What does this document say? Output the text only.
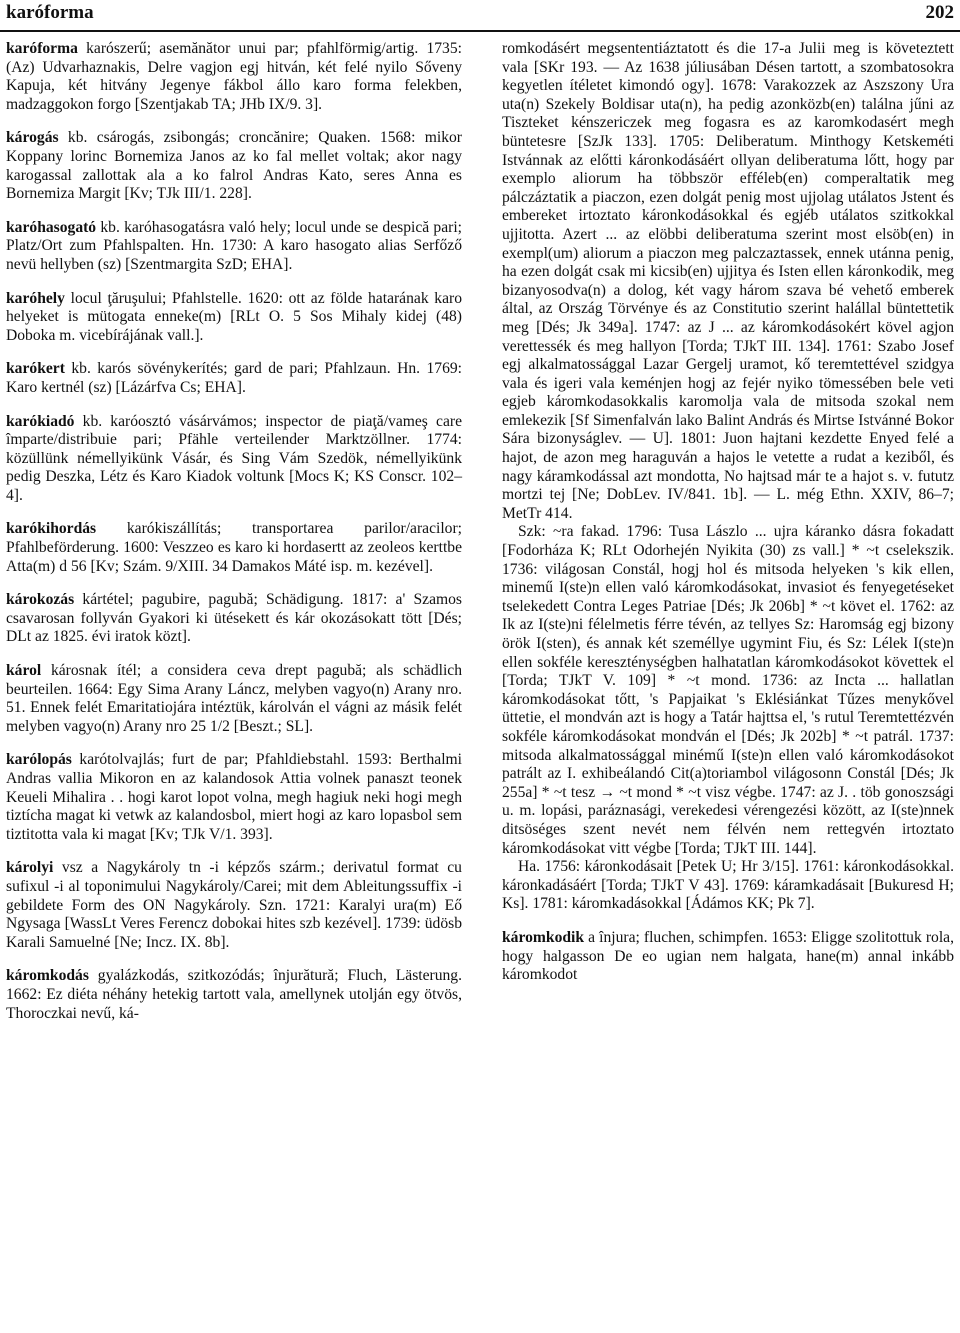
karóforma	202

karóforma karószerű; asemănător unui par; pfahlförmig/artig. 1735: (Az) Udvarhaznakis, Delre vagjon egj hitván, két felé nyilo Sőveny Kapuja, két hitvány Jegenye fákbol állo karo forma felekben, madzaggokon forgo [Szentjakab TA; JHb IX/9. 3].

károgás kb. csárogás, zsibongás; croncănire; Quaken. 1568: mikor Koppany lorinc Bornemiza Janos az ko fal mellet voltak; akor nagy karogassal zallottak ala a ko falrol Andras Kato, seres Anna es Bornemiza Margit [Kv; TJk III/1. 228].

karóhasogató kb. karóhasogatásra való hely; locul unde se despică pari; Platz/Ort zum Pfahlspalten. Hn. 1730: A karo hasogato alias Serfőző nevü hellyben (sz) [Szentmargita SzD; EHA].

karóhely locul ţăruşului; Pfahlstelle. 1620: ott az földe hatarának karo helyeket is mütogata enneke(m) [RLt O. 5 Sos Mihaly kidej (48) Doboka m. vicebírájának vall.].

karókert kb. karós sövénykerítés; gard de pari; Pfahlzaun. Hn. 1769: Karo kertnél (sz) [Lázárfva Cs; EHA].

karókiadó kb. karóosztó vásárvámos; inspector de piaţă/vameş care împarte/distribuie pari; Pfähle verteilender Marktzöllner. 1774: közüllünk némellyikünk Vásár, és Sing Vám Szedök, némellyikünk pedig Deszka, Létz és Karo Kiadok voltunk [Mocs K; KS Conscr. 102–4].

karókihordás karókiszállítás; transportarea parilor/aracilor; Pfahlbeförderung. 1600: Veszzeo es karo ki hordasertt az zeoleos kerttbe Atta(m) d 56 [Kv; Szám. 9/XIII. 34 Damakos Máté isp. m. kezével].

károkozás kártétel; pagubire, pagubă; Schädigung. 1817: a' Szamos csavarosan follyván Gyakori ki ütésekett és kár okozásokatt tött [Dés; DLt az 1825. évi iratok közt].

károl károsnak ítél; a considera ceva drept pagubă; als schädlich beurteilen. 1664: Egy Sima Arany Láncz, melyben vagyo(n) Arany nro. 51. Ennek felét Emaritatiojára intéztük, károlván el vágni az másik felét melyben vagyo(n) Arany nro 25 1/2 [Beszt.; SL].

karólopás karótolvajlás; furt de par; Pfahldiebstahl. 1593: Berthalmi Andras vallia Mikoron en az kalandosok Attia volnek panaszt teonek Keueli Mihalira . . hogi karot lopot volna, megh hagiuk neki hogi megh tiztícha magat ki vetwk az kalandosbol, miert hogi az karo lopasbol sem tiztitotta vala ki magat [Kv; TJk V/1. 393].

károlyi vsz a Nagykároly tn -i képzős szárm.; derivatul format cu sufixul -i al toponimului Nagykároly/Carei; mit dem Ableitungssuffix -i gebildete Form des ON Nagykároly. Szn. 1721: Karalyi ura(m) Eő Ngysaga [WassLt Veres Ferencz dobokai hites szb kezével]. 1739: üdösb Karali Samuelné [Ne; Incz. IX. 8b].

káromkodás gyalázkodás, szitkozódás; înjurătură; Fluch, Lästerung. 1662: Ez diéta néhány hetekig tartott vala, amellynek utolján egy ötvös, Thoroczkai nevű, ká-

romkodásért megsententiáztatott és die 17-a Julii meg is követeztett vala [SKr 193. — Az 1638 júliusában Désen tartott, a szombatosokra kegyetlen ítéletet kimondó ogy]. 1678: Varakozzek az Aszszony Ura uta(n) Szekely Boldisar uta(n), ha pedig azonközb(en) találna jűni az Tiszteket kénszericzek meg fogasra es az karomkodasért megh büntetesre [SzJk 133]. 1705: Deliberatum. Minthogy Ketskeméti Istvánnak az előtti káronkodásáért ollyan deliberatuma lőtt, hogy par exemplo aliorum ha többször efféleb(en) comperaltatik meg pálczáztatik a piaczon, ezen dolgát penig most ujjolag utálatos Jstent és embereket irtoztato káronkodásokkal és egjéb utálatos szitkokkal ujjitotta. Azert ... az elöbbi deliberatuma szerint most elsöb(en) in exempl(um) aliorum a piaczon meg palczaztassek, ennek utánna penig, ha ezen dolgát csak mi kicsib(en) ujjitya és Isten ellen káronkodik, meg bizanyosodva(n) a dolog, két vagy három szava bé vehető emberek által, az Ország Törvénye és az Constitutio szerint halállal büntettetik meg [Dés; Jk 349a]. 1747: az J ... az káromkodásokért kövel agjon verettessék és meg hallyon [Torda; TJkT III. 134]. 1761: Szabo Josef egj alkalmatossággal Lazar Gergelj uramot, kő teremtettével szidgya vala és igeri vala keménjen hogj az fejér nyiko tömessében bele veti egjeb káromkodasokkalis karomolja vala de mitsoda szokal nem emlekezik [Sf Simenfalván lako Balint András és Mirtse Istvánné Bokor Sára bizonyságlev. — U]. 1801: Juon hajtani kezdette Enyed felé a hajot, de azon meg haraguván a hajos le vetette a rudat a keziből, és nagy káramkodással azt mondotta, No hajtsad már te a hajot s. v. fututz mortzi tej [Ne; DobLev. IV/841. 1b]. — L. még Ethn. XXIV, 86–7; MetTr 414.

Szk: ~ra fakad. 1796: Tusa Lászlo ... ujra káranko dásra fokadatt [Fodorháza K; RLt Odorhején Nyikita (30) zs vall.] * ~t cselekszik. 1736: világosan Constál, hogj hol és mitsoda helyeken 's kik ellen, minemű I(ste)n ellen való káromkodásokat, invasiot és fenyegetéseket tselekedett Contra Leges Patriae [Dés; Jk 206b] * ~t követ el. 1762: az Ik az I(ste)ni félelmetis férre tévén, az tellyes Sz: Haromság egj bizony örök I(sten), és annak két személlye ugymint Fiu, és Sz: Lélek I(ste)n ellen sokféle kereszténységben halhatatlan káromkodásokot követtek el [Torda; TJkT V. 109] * ~t mond. 1736: az Incta ... hallatlan káromkodásokat tőtt, 's Papjaikat 's Eklésiánkat Tűzes menykővel üttetie, el mondván azt is hogy a Tatár hajttsa el, 's rutul Teremtettézvén sokféle káromkodásokat mondván el [Dés; Jk 202b] * ~t patrál. 1737: mitsoda alkalmatossággal minémű I(ste)n ellen való káromkodásokot patrált az I. exhibeálandó Cit(a)toriambol világosonn Constál [Dés; Jk 255a] * ~t tesz → ~t mond * ~t visz végbe. 1747: az J. . töb gonoszsági u. m. lopási, paráznasági, verekedesi vérengezési között, az I(ste)nnek ditsöséges szent nevét nem félvén nem rettegvén irtoztato káromkodásokat vitt végbe [Torda; TJkT III. 144].

Ha. 1756: káronkodásait [Petek U; Hr 3/15]. 1761: káronkodásokkal. káronkadásáért [Torda; TJkT V 43]. 1769: káramkadásait [Bukuresd H; Ks]. 1781: káromkadásokkal [Ádámos KK; Pk 7].

káromkodik a înjura; fluchen, schimpfen. 1653: Eligge szolitottuk rola, hogy halgasson De eo ugian nem halgata, hane(m) annal inkább káromkodot
